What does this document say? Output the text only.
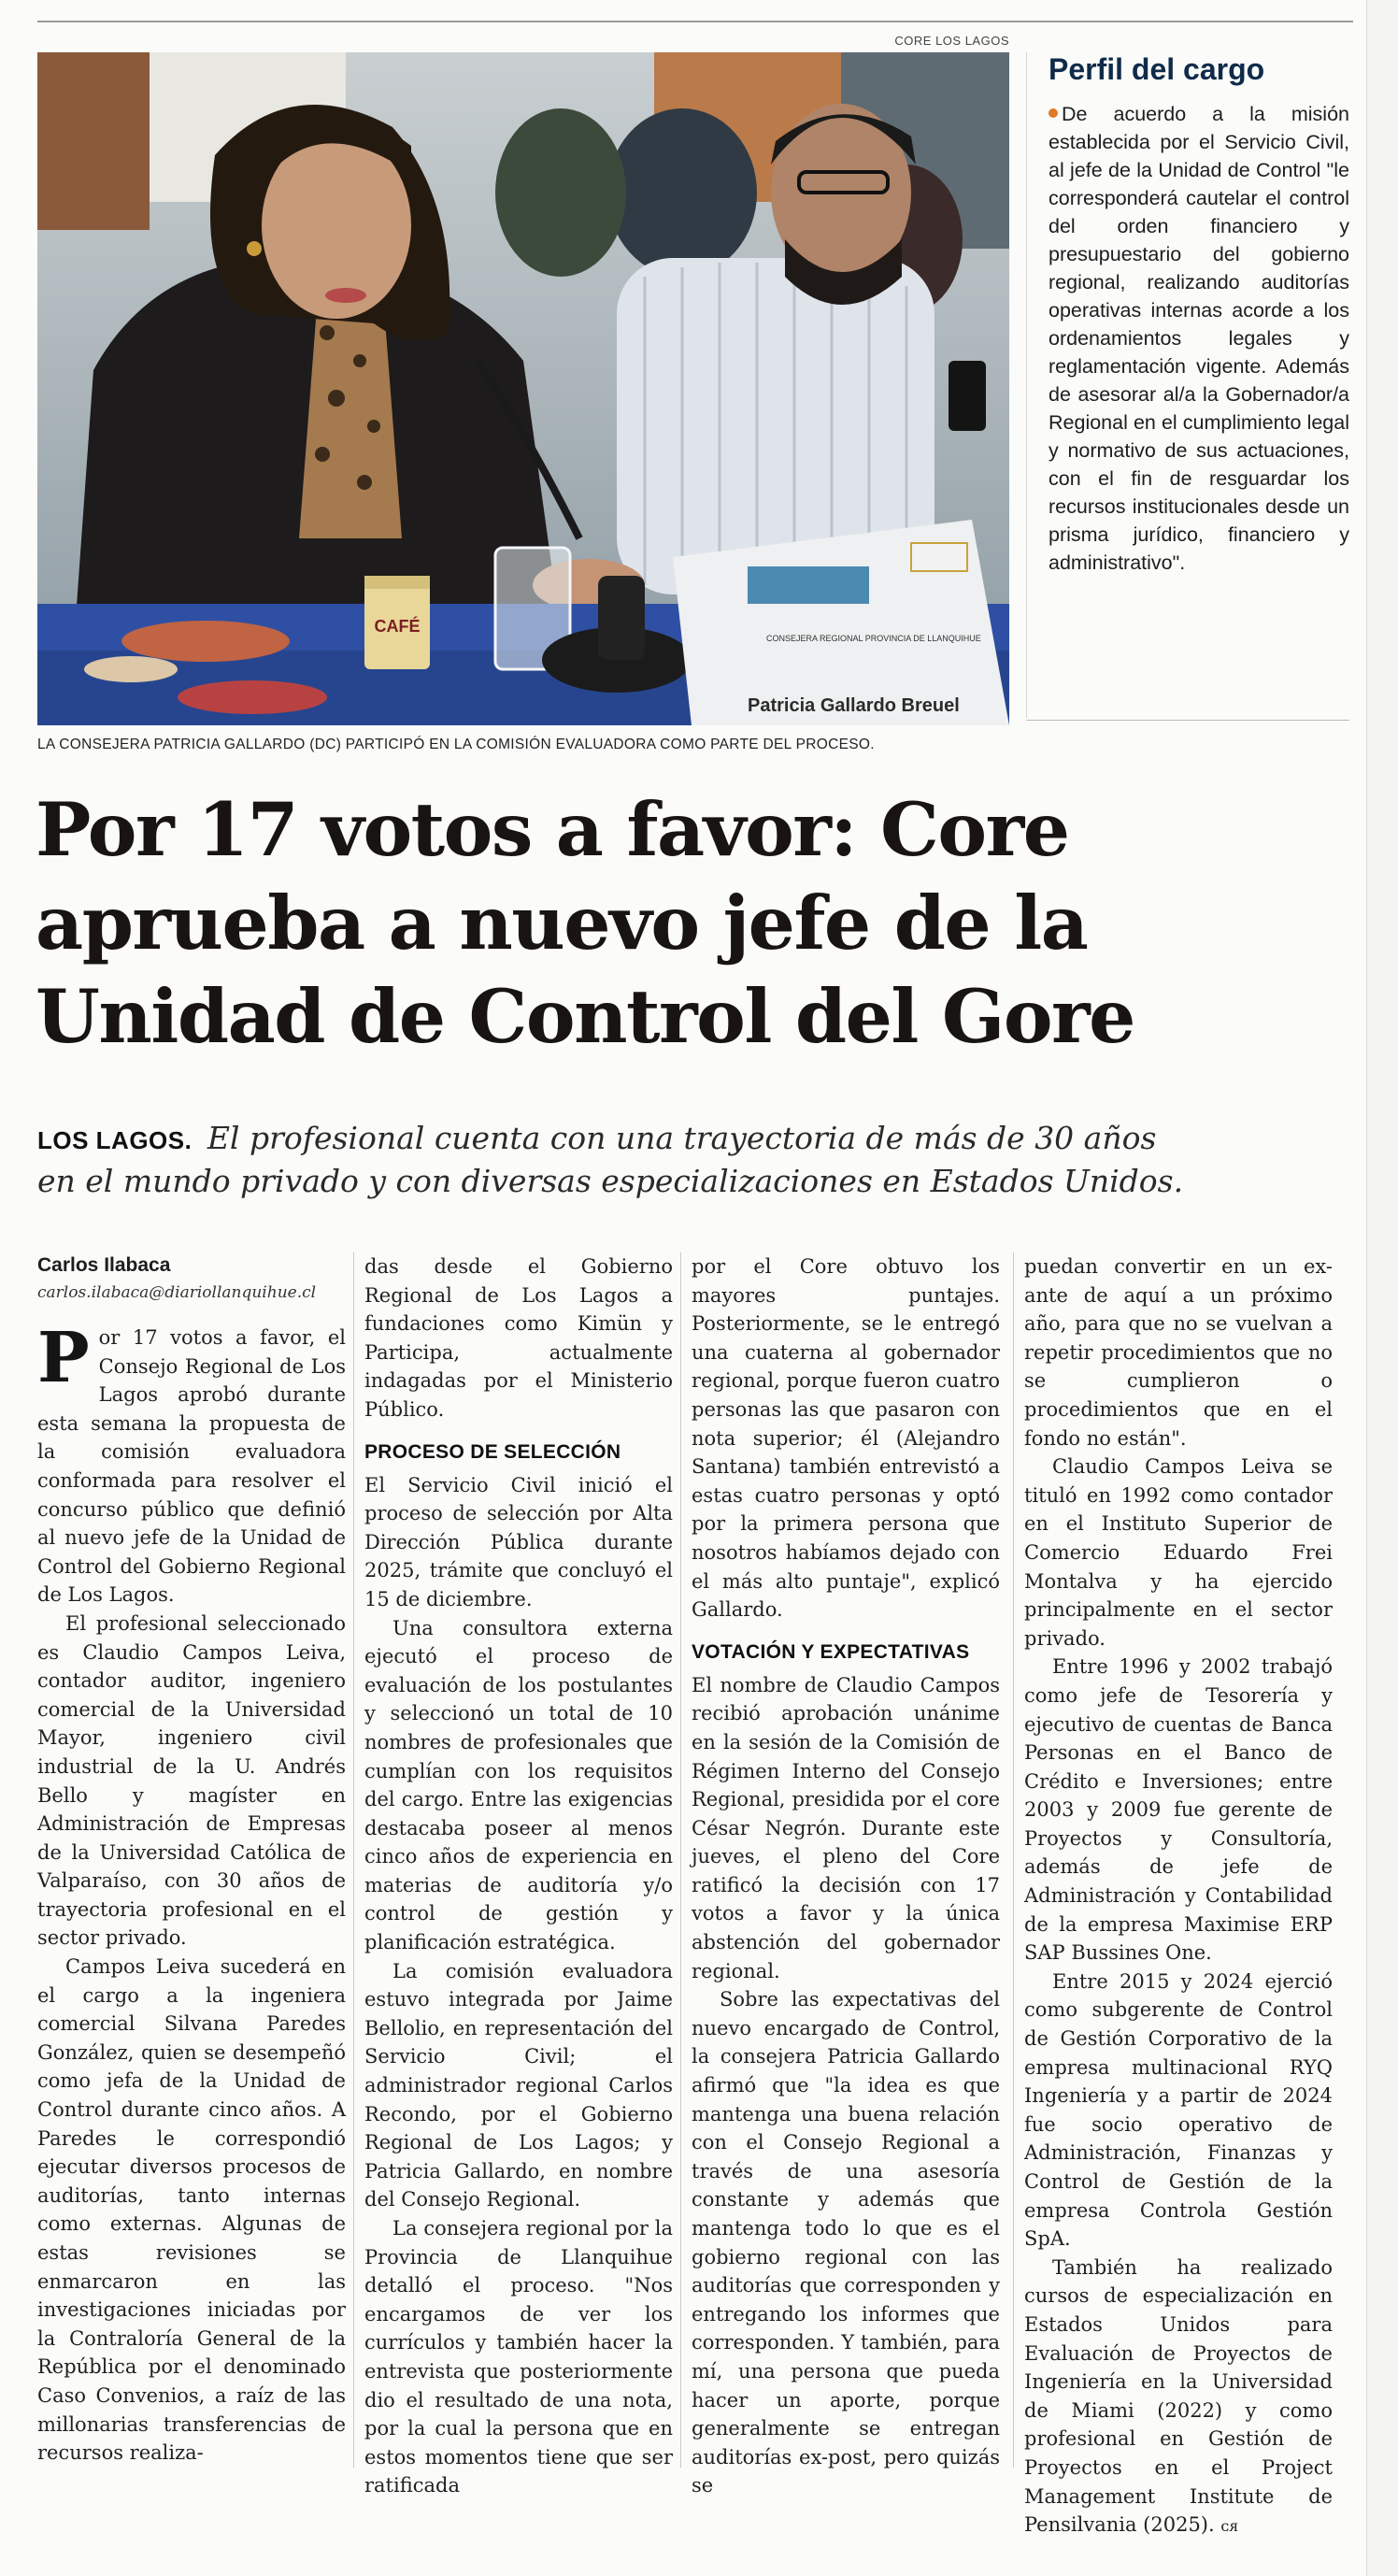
CORE LOS LAGOS
CAFÉ
CONSEJERA REGIONAL PROVINCIA DE LLANQUIHUE
Patricia Gallardo Breuel
LA CONSEJERA PATRICIA GALLARDO (DC) PARTICIPÓ EN LA COMISIÓN EVALUADORA COMO PARTE DEL PROCESO.
Perfil del cargo
De acuerdo a la misión establecida por el Servicio Civil, al jefe de la Unidad de Control "le corresponderá cautelar el control del orden financiero y presupuestario del gobierno regional, realizando auditorías operativas internas acorde a los ordenamientos legales y reglamentación vigente. Además de asesorar al/a la Gobernador/a Regional en el cumplimiento legal y normativo de sus actuaciones, con el fin de resguardar los recursos institucionales desde un prisma jurídico, financiero y administrativo".
Por 17 votos a favor: Core
aprueba a nuevo jefe de la
Unidad de Control del Gore
LOS LAGOS. El profesional cuenta con una trayectoria de más de 30 años
en el mundo privado y con diversas especializaciones en Estados Unidos.
Carlos Ilabaca
carlos.ilabaca@diariollanquihue.cl

Por 17 votos a favor, el Consejo Regional de Los Lagos aprobó durante esta semana la propuesta de la comisión evaluadora conformada para resolver el concurso público que definió al nuevo jefe de la Unidad de Control del Gobierno Regional de Los Lagos.

El profesional seleccionado es Claudio Campos Leiva, contador auditor, ingeniero comercial de la Universidad Mayor, ingeniero civil industrial de la U. Andrés Bello y magíster en Administración de Empresas de la Universidad Católica de Valparaíso, con 30 años de trayectoria profesional en el sector privado.

Campos Leiva sucederá en el cargo a la ingeniera comercial Silvana Paredes González, quien se desempeñó como jefa de la Unidad de Control durante cinco años. A Paredes le correspondió ejecutar diversos procesos de auditorías, tanto internas como externas. Algunas de estas revisiones se enmarcaron en las investigaciones iniciadas por la Contraloría General de la República por el denominado Caso Convenios, a raíz de las millonarias transferencias de recursos realiza-

das desde el Gobierno Regional de Los Lagos a fundaciones como Kimün y Participa, actualmente indagadas por el Ministerio Público.

PROCESO DE SELECCIÓN

El Servicio Civil inició el proceso de selección por Alta Dirección Pública durante 2025, trámite que concluyó el 15 de diciembre.

Una consultora externa ejecutó el proceso de evaluación de los postulantes y seleccionó un total de 10 nombres de profesionales que cumplían con los requisitos del cargo. Entre las exigencias destacaba poseer al menos cinco años de experiencia en materias de auditoría y/o control de gestión y planificación estratégica.

La comisión evaluadora estuvo integrada por Jaime Bellolio, en representación del Servicio Civil; el administrador regional Carlos Recondo, por el Gobierno Regional de Los Lagos; y Patricia Gallardo, en nombre del Consejo Regional.

La consejera regional por la Provincia de Llanquihue detalló el proceso. "Nos encargamos de ver los currículos y también hacer la entrevista que posteriormente dio el resultado de una nota, por la cual la persona que en estos momentos tiene que ser ratificada

por el Core obtuvo los mayores puntajes. Posteriormente, se le entregó una cuaterna al gobernador regional, porque fueron cuatro personas las que pasaron con nota superior; él (Alejandro Santana) también entrevistó a estas cuatro personas y optó por la primera persona que nosotros habíamos dejado con el más alto puntaje", explicó Gallardo.

VOTACIÓN Y EXPECTATIVAS

El nombre de Claudio Campos recibió aprobación unánime en la sesión de la Comisión de Régimen Interno del Consejo Regional, presidida por el core César Negrón. Durante este jueves, el pleno del Core ratificó la decisión con 17 votos a favor y la única abstención del gobernador regional.

Sobre las expectativas del nuevo encargado de Control, la consejera Patricia Gallardo afirmó que "la idea es que mantenga una buena relación con el Consejo Regional a través de una asesoría constante y además que mantenga todo lo que es el gobierno regional con las auditorías que corresponden y entregando los informes que corresponden. Y también, para mí, una persona que pueda hacer un aporte, porque generalmente se entregan auditorías ex-post, pero quizás se

puedan convertir en un ex-ante de aquí a un próximo año, para que no se vuelvan a repetir procedimientos que no se cumplieron o procedimientos que en el fondo no están".

Claudio Campos Leiva se tituló en 1992 como contador en el Instituto Superior de Comercio Eduardo Frei Montalva y ha ejercido principalmente en el sector privado.

Entre 1996 y 2002 trabajó como jefe de Tesorería y ejecutivo de cuentas de Banca Personas en el Banco de Crédito e Inversiones; entre 2003 y 2009 fue gerente de Proyectos y Consultoría, además de jefe de Administración y Contabilidad de la empresa Maximise ERP SAP Bussines One.

Entre 2015 y 2024 ejerció como subgerente de Control de Gestión Corporativo de la empresa multinacional RYQ Ingeniería y a partir de 2024 fue socio operativo de Administración, Finanzas y Control de Gestión de la empresa Controla Gestión SpA.

También ha realizado cursos de especialización en Estados Unidos para Evaluación de Proyectos de Ingeniería en la Universidad de Miami (2022) y como profesional en Gestión de Proyectos en el Project Management Institute de Pensilvania (2025). ᴄᴙ
